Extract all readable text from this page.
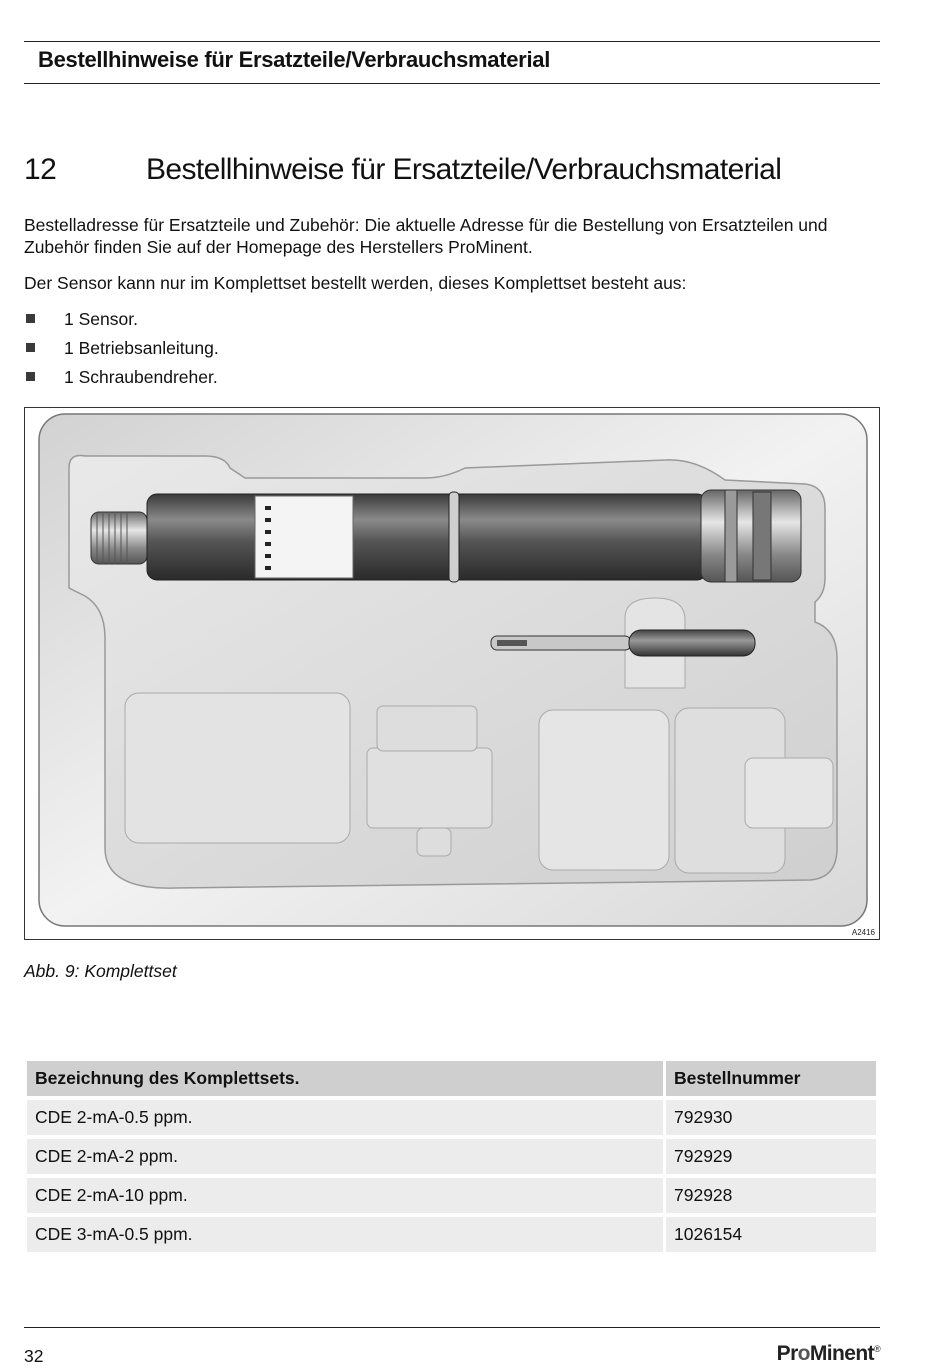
Bestellhinweise für Ersatzteile/Verbrauchsmaterial
12	Bestellhinweise für Ersatzteile/Verbrauchsmaterial
Bestelladresse für Ersatzteile und Zubehör: Die aktuelle Adresse für die Bestellung von Ersatzteilen und Zubehör finden Sie auf der Homepage des Herstellers ProMinent.
Der Sensor kann nur im Komplettset bestellt werden, dieses Komplettset besteht aus:
1 Sensor.
1 Betriebsanleitung.
1 Schraubendreher.
A2416
Abb. 9: Komplettset
Bezeichnung des Komplettsets.	Bestellnummer
CDE 2-mA-0.5 ppm.	792930
CDE 2-mA-2 ppm.	792929
CDE 2-mA-10 ppm.	792928
CDE 3-mA-0.5 ppm.	1026154
32	ProMinent®
